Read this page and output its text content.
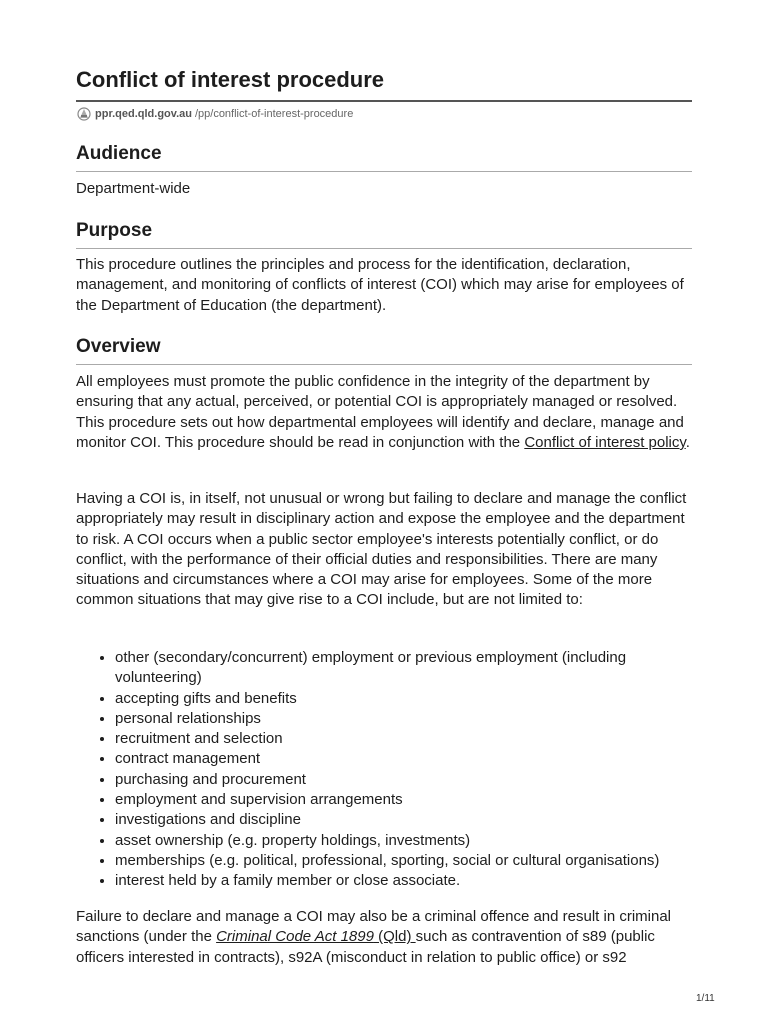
Conflict of interest procedure
ppr.qed.qld.gov.au /pp/conflict-of-interest-procedure
Audience

Department-wide

Purpose

This procedure outlines the principles and process for the identification, declaration, management, and monitoring of conflicts of interest (COI) which may arise for employees of the Department of Education (the department).

Overview

All employees must promote the public confidence in the integrity of the department by ensuring that any actual, perceived, or potential COI is appropriately managed or resolved. This procedure sets out how departmental employees will identify and declare, manage and monitor COI. This procedure should be read in conjunction with the Conflict of interest policy.

Having a COI is, in itself, not unusual or wrong but failing to declare and manage the conflict appropriately may result in disciplinary action and expose the employee and the department to risk. A COI occurs when a public sector employee's interests potentially conflict, or do conflict, with the performance of their official duties and responsibilities. There are many situations and circumstances where a COI may arise for employees. Some of the more common situations that may give rise to a COI include, but are not limited to:

• other (secondary/concurrent) employment or previous employment (including volunteering)
• accepting gifts and benefits
• personal relationships
• recruitment and selection
• contract management
• purchasing and procurement
• employment and supervision arrangements
• investigations and discipline
• asset ownership (e.g. property holdings, investments)
• memberships (e.g. political, professional, sporting, social or cultural organisations)
• interest held by a family member or close associate.

Failure to declare and manage a COI may also be a criminal offence and result in criminal sanctions (under the Criminal Code Act 1899 (Qld) such as contravention of s89 (public officers interested in contracts), s92A (misconduct in relation to public office) or s92

1/11
